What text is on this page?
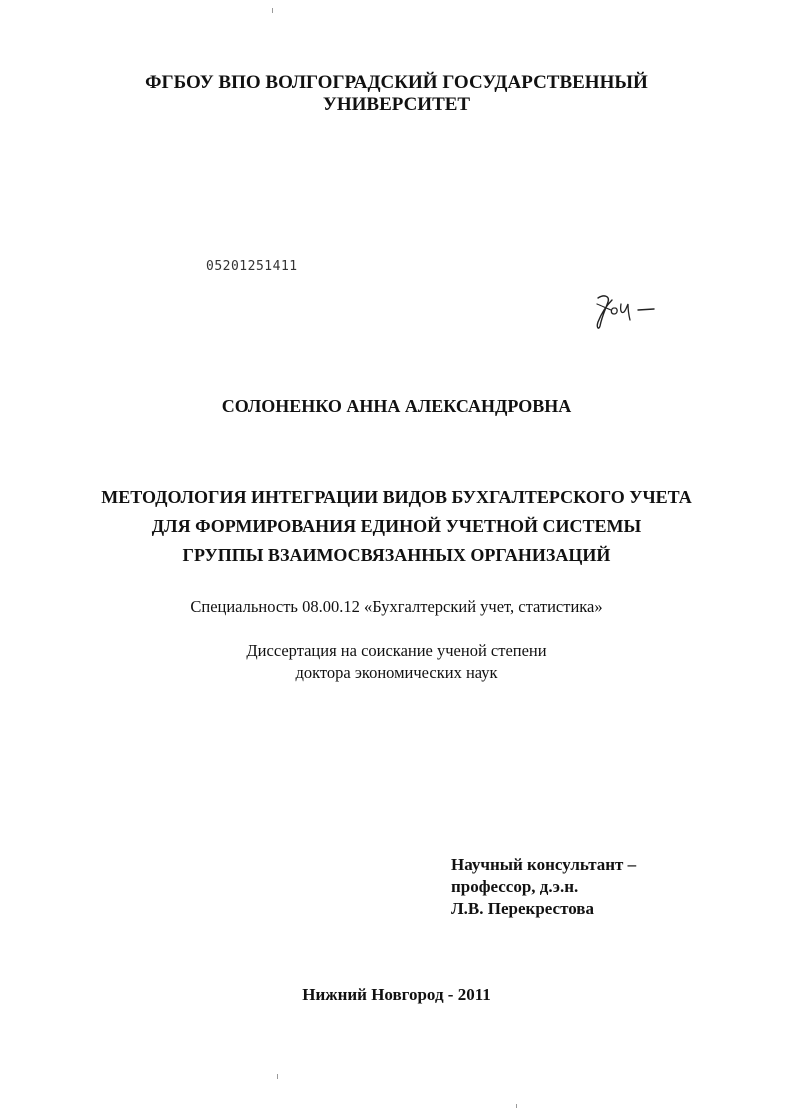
ФГБОУ ВПО ВОЛГОГРАДСКИЙ ГОСУДАРСТВЕННЫЙ
УНИВЕРСИТЕТ
05201251411
СОЛОНЕНКО АННА АЛЕКСАНДРОВНА
МЕТОДОЛОГИЯ ИНТЕГРАЦИИ ВИДОВ БУХГАЛТЕРСКОГО УЧЕТА
ДЛЯ ФОРМИРОВАНИЯ ЕДИНОЙ УЧЕТНОЙ СИСТЕМЫ
ГРУППЫ ВЗАИМОСВЯЗАННЫХ ОРГАНИЗАЦИЙ
Специальность 08.00.12 «Бухгалтерский учет, статистика»
Диссертация на соискание ученой степени
доктора экономических наук
Научный консультант –
профессор, д.э.н.
Л.В. Перекрестова
Нижний Новгород - 2011
